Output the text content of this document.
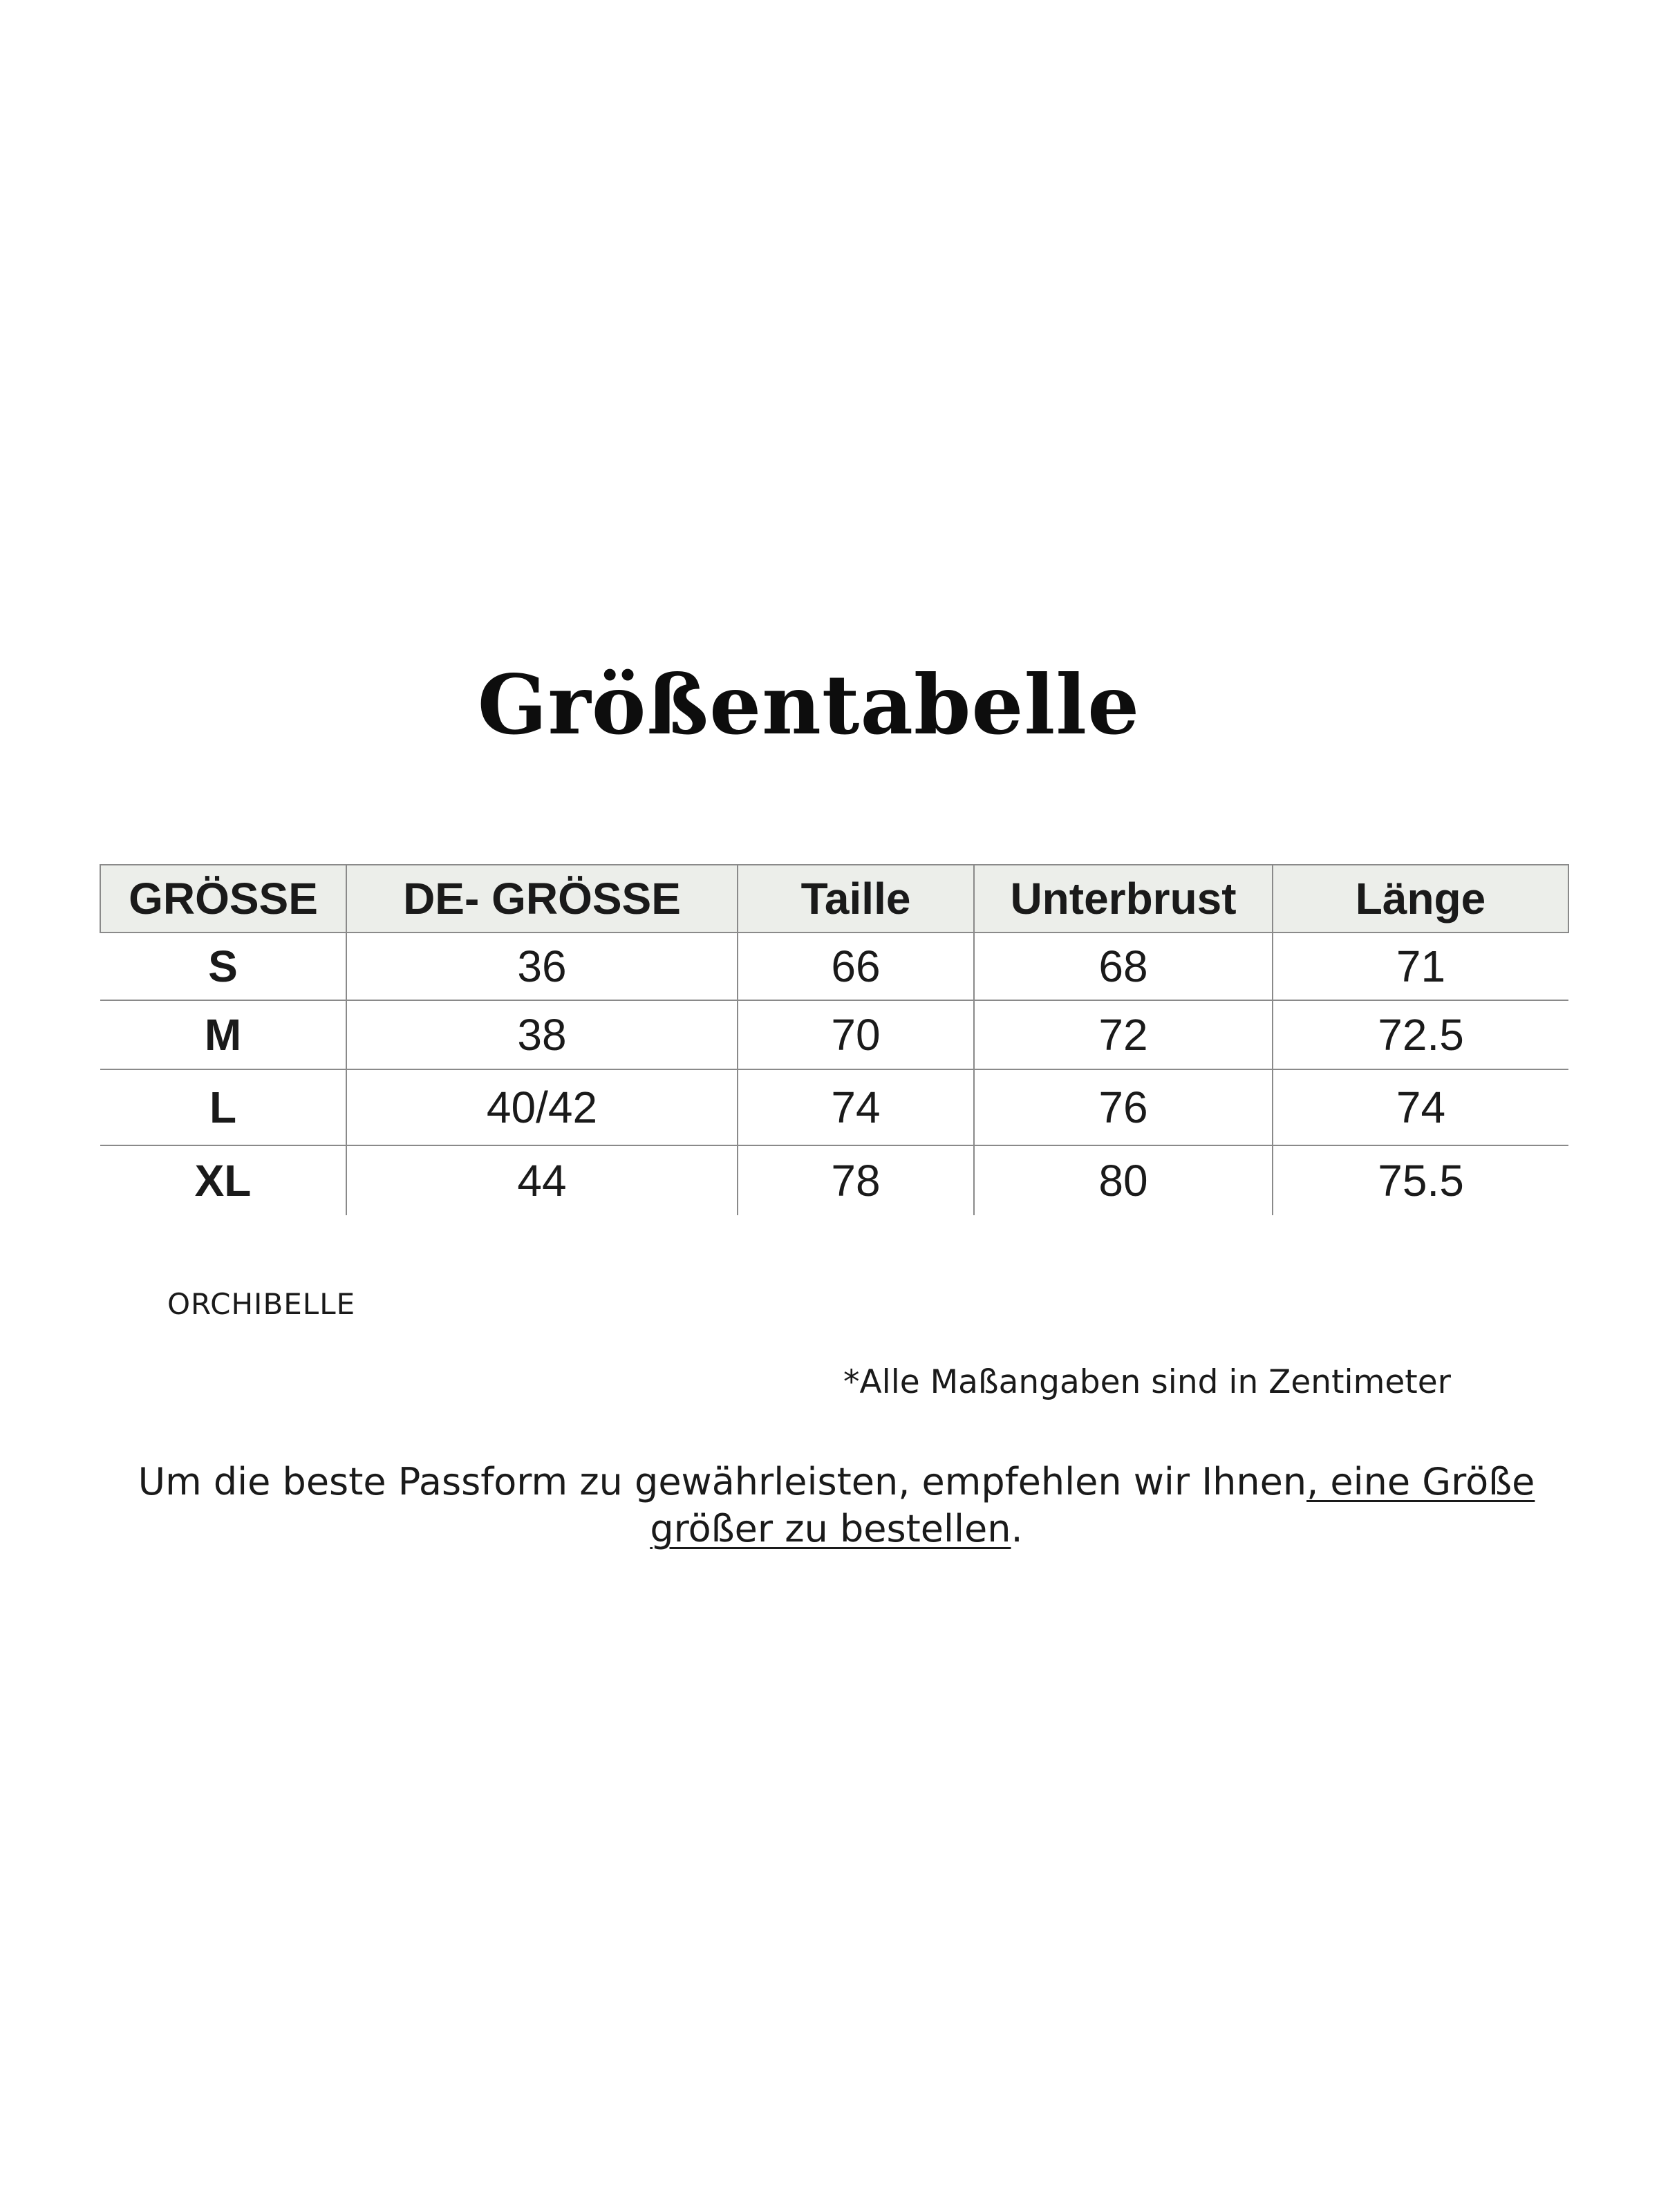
Größentabelle
GRÖSSE	DE- GRÖSSE	Taille	Unterbrust	Länge
S	36	66	68	71
M	38	70	72	72.5
L	40/42	74	76	74
XL	44	78	80	75.5
ORCHIBELLE
*Alle Maßangaben sind in Zentimeter
Um die beste Passform zu gewährleisten, empfehlen wir Ihnen, eine Größe größer zu bestellen.
